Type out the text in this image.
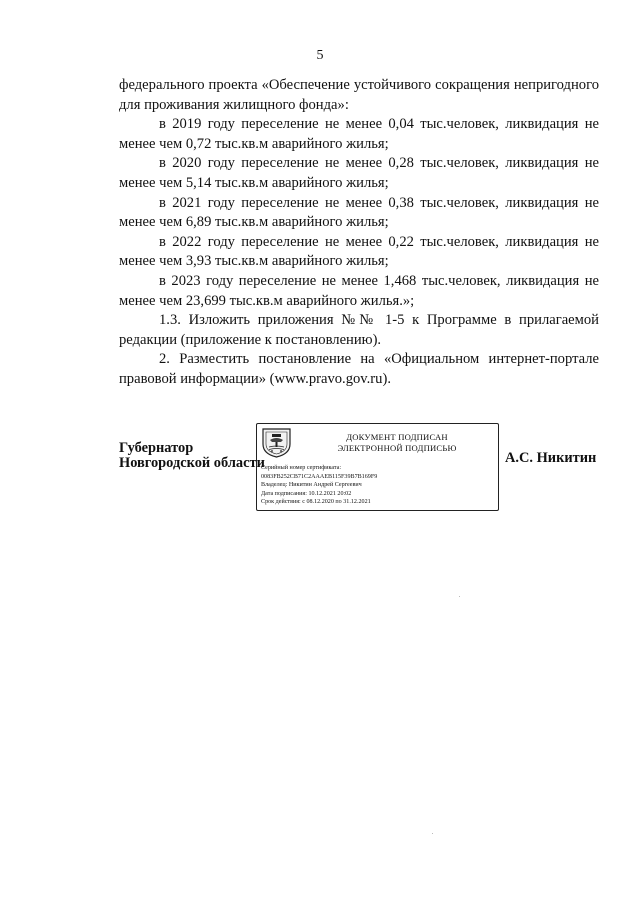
5

федерального проекта «Обеспечение устойчивого сокращения непригодного

для проживания жилищного фонда»:

в 2019 году переселение не менее 0,04 тыс.человек, ликвидация не менее чем 0,72 тыс.кв.м аварийного жилья;

в 2020 году переселение не менее 0,28 тыс.человек, ликвидация не менее чем 5,14 тыс.кв.м аварийного жилья;

в 2021 году переселение не менее 0,38 тыс.человек, ликвидация не менее чем 6,89 тыс.кв.м аварийного жилья;

в 2022 году переселение не менее 0,22 тыс.человек, ликвидация не менее чем 3,93 тыс.кв.м аварийного жилья;

в 2023 году переселение не менее 1,468 тыс.человек, ликвидация не менее чем 23,699 тыс.кв.м аварийного жилья.»;

1.3. Изложить приложения №№ 1-5 к Программе в прилагаемой редакции (приложение к постановлению).

2. Разместить постановление на «Официальном интернет-портале правовой информации» (www.pravo.gov.ru).

Губернатор
Новгородской области
ДОКУМЕНТ ПОДПИСАН
ЭЛЕКТРОННОЙ ПОДПИСЬЮ
Серийный номер сертификата:
0083FB252CB71C2AAAEB115F39B7B169F9
Владелец: Никитин Андрей Сергеевич
Дата подписания: 10.12.2021 20:02
Срок действия: с 08.12.2020 по 31.12.2021
А.С. Никитин
